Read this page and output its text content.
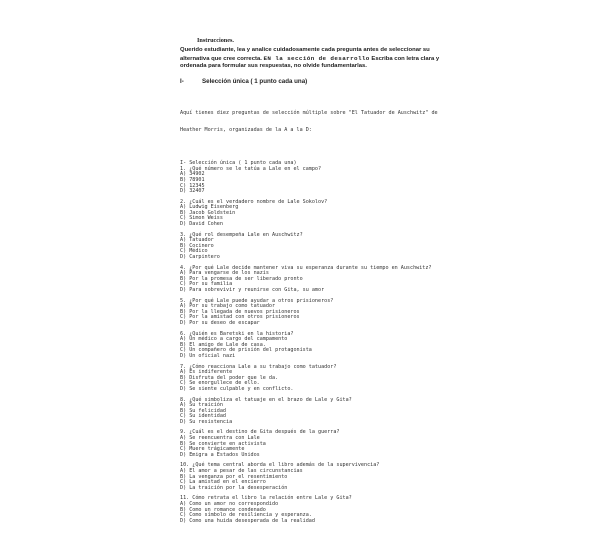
Instrucciones.
Querido estudiante, lea y analice cuidadosamente cada pregunta antes de seleccionar su alternativa que cree correcta. EN la sección de desarrollo Escriba con letra clara y ordenada para formular sus respuestas, no olvide fundamentarlas.
I-	Selección única ( 1 punto cada una)

Aquí tienes diez preguntas de selección múltiple sobre "El Tatuador de Auschwitz" de

Heather Morris, organizadas de la A a la D:

I- Selección única ( 1 punto cada una)
1. ¿Qué número se le tatúa a Lale en el campo?
A) 34902
B) 78901
C) 12345
D) 32407
2. ¿Cuál es el verdadero nombre de Lale Sokolov?
A) Ludwig Eisenberg
B) Jacob Goldstein
C) Simon Weiss
D) David Cohen
3. ¿Qué rol desempeña Lale en Auschwitz?
A) Tatuador
B) Cocinero
C) Médico
D) Carpintero
4. ¿Por qué Lale decide mantener viva su esperanza durante su tiempo en Auschwitz?
A) Para vengarse de los nazis
B) Por la promesa de ser liberado pronto
C) Por su familia
D) Para sobrevivir y reunirse con Gita, su amor
5. ¿Por qué Lale puede ayudar a otros prisioneros?
A) Por su trabajo como tatuador
B) Por la llegada de nuevos prisioneros
C) Por la amistad con otros prisioneros
D) Por su deseo de escapar
6. ¿Quién es Baretski en la historia?
A) Un médico a cargo del campamento
B) El amigo de Lale de casa.
C) Un compañero de prisión del protagonista
D) Un oficial nazi
7. ¿Cómo reacciona Lale a su trabajo como tatuador?
A) Es indiferente
B) Disfruta del poder que le da.
C) Se enorgullece de ello.
D) Se siente culpable y en conflicto.
8. ¿Qué simboliza el tatuaje en el brazo de Lale y Gita?
A) Su traición
B) Su felicidad
C) Su identidad
D) Su resistencia
9. ¿Cuál es el destino de Gita después de la guerra?
A) Se reencuentra con Lale
B) Se convierte en activista
C) Muere trágicamente
D) Emigra a Estados Unidos
10. ¿Qué tema central aborda el libro además de la supervivencia?
A) El amor a pesar de las circunstancias
B) La venganza por el resentimiento
C) La amistad en el encierro
D) La traición por la desesperación
11. Cómo retrata el libro la relación entre Lale y Gita?
A) Como un amor no correspondido
B) Como un romance condenado
C) Como símbolo de resiliencia y esperanza.
D) Como una huida desesperada de la realidad
